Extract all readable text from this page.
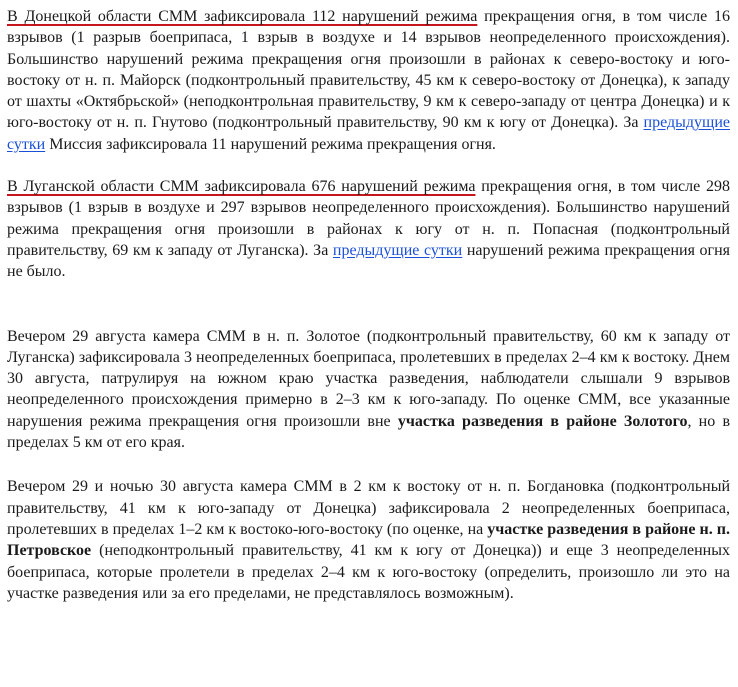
В Донецкой области СММ зафиксировала 112 нарушений режима прекращения огня, в том числе 16 взрывов (1 разрыв боеприпаса, 1 взрыв в воздухе и 14 взрывов неопределенного происхождения). Большинство нарушений режима прекращения огня произошли в районах к северо-востоку и юго-востоку от н. п. Майорск (подконтрольный правительству, 45 км к северо-востоку от Донецка), к западу от шахты «Октябрьской» (неподконтрольная правительству, 9 км к северо-западу от центра Донецка) и к юго-востоку от н. п. Гнутово (подконтрольный правительству, 90 км к югу от Донецка). За предыдущие сутки Миссия зафиксировала 11 нарушений режима прекращения огня.

В Луганской области СММ зафиксировала 676 нарушений режима прекращения огня, в том числе 298 взрывов (1 взрыв в воздухе и 297 взрывов неопределенного происхождения). Большинство нарушений режима прекращения огня произошли в районах к югу от н. п. Попасная (подконтрольный правительству, 69 км к западу от Луганска). За предыдущие сутки нарушений режима прекращения огня не было.

Вечером 29 августа камера СММ в н. п. Золотое (подконтрольный правительству, 60 км к западу от Луганска) зафиксировала 3 неопределенных боеприпаса, пролетевших в пределах 2–4 км к востоку. Днем 30 августа, патрулируя на южном краю участка разведения, наблюдатели слышали 9 взрывов неопределенного происхождения примерно в 2–3 км к юго-западу. По оценке СММ, все указанные нарушения режима прекращения огня произошли вне участка разведения в районе Золотого, но в пределах 5 км от его края.

Вечером 29 и ночью 30 августа камера СММ в 2 км к востоку от н. п. Богдановка (подконтрольный правительству, 41 км к юго-западу от Донецка) зафиксировала 2 неопределенных боеприпаса, пролетевших в пределах 1–2 км к востоко-юго-востоку (по оценке, на участке разведения в районе н. п. Петровское (неподконтрольный правительству, 41 км к югу от Донецка)) и еще 3 неопределенных боеприпаса, которые пролетели в пределах 2–4 км к юго-востоку (определить, произошло ли это на участке разведения или за его пределами, не представлялось возможным).
